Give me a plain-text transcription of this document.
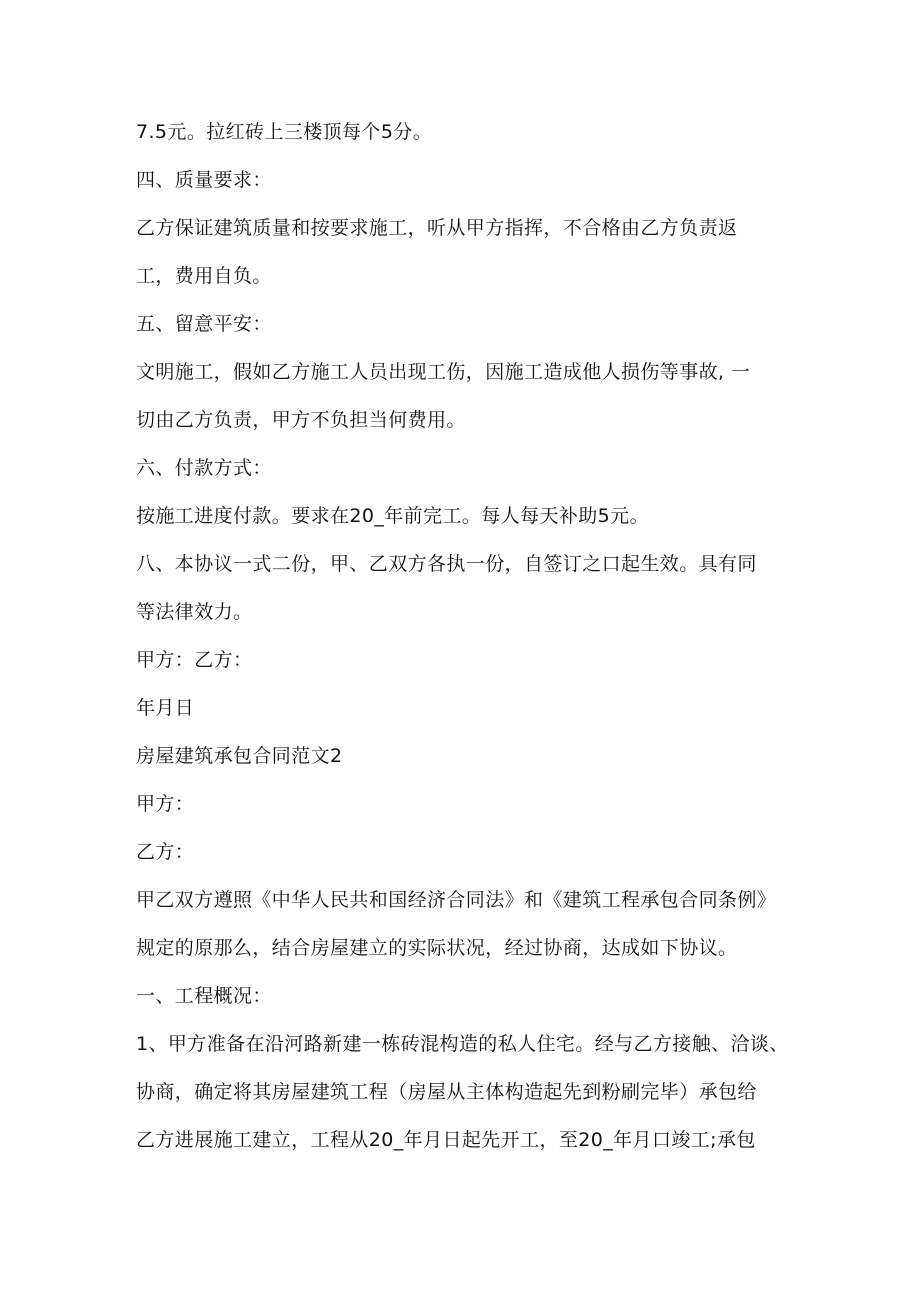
7.5元。拉红砖上三楼顶每个5分。
四、质量要求：
乙方保证建筑质量和按要求施工，听从甲方指挥，不合格由乙方负责返
工，费用自负。
五、留意平安：
文明施工，假如乙方施工人员出现工伤，因施工造成他人损伤等事故, 一
切由乙方负责，甲方不负担当何费用。
六、付款方式：
按施工进度付款。要求在20_年前完工。每人每天补助5元。
八、本协议一式二份，甲、乙双方各执一份，自签订之口起生效。具有同
等法律效力。
甲方：乙方：
年月日
房屋建筑承包合同范文2
甲方：
乙方：
甲乙双方遵照《中华人民共和国经济合同法》和《建筑工程承包合同条例》
规定的原那么，结合房屋建立的实际状况，经过协商，达成如下协议。
一、工程概况：
1、甲方准备在沿河路新建一栋砖混构造的私人住宅。经与乙方接触、洽谈、
协商，确定将其房屋建筑工程（房屋从主体构造起先到粉刷完毕）承包给
乙方进展施工建立，工程从20_年月日起先开工，至20_年月口竣工;承包
